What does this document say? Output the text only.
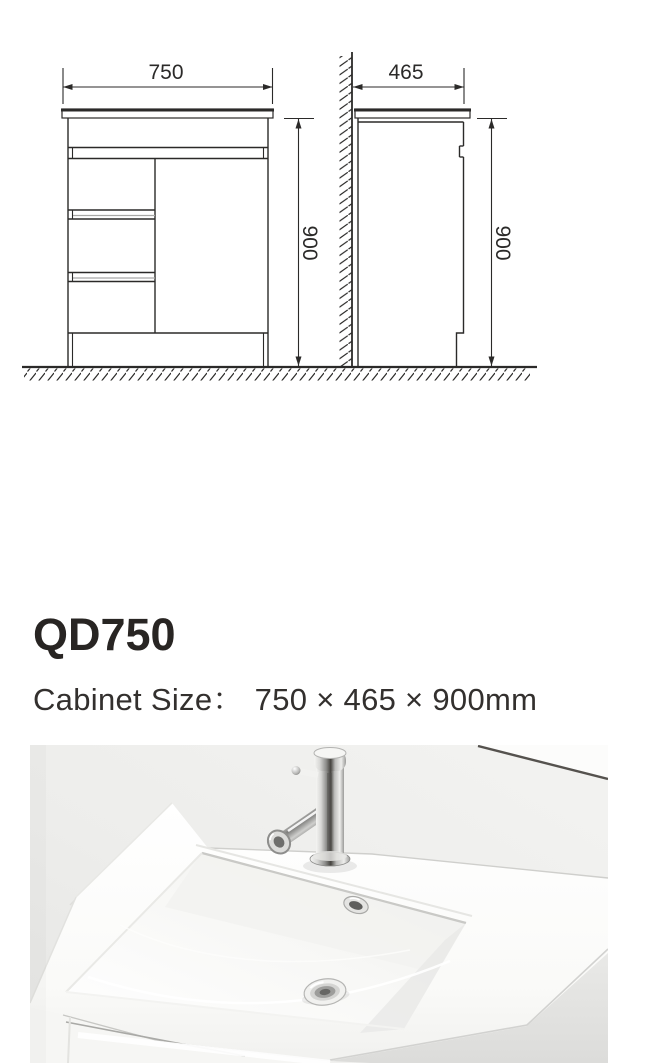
750	465
900	900
QD750
Cabinet Size： 750 × 465 × 900mm
